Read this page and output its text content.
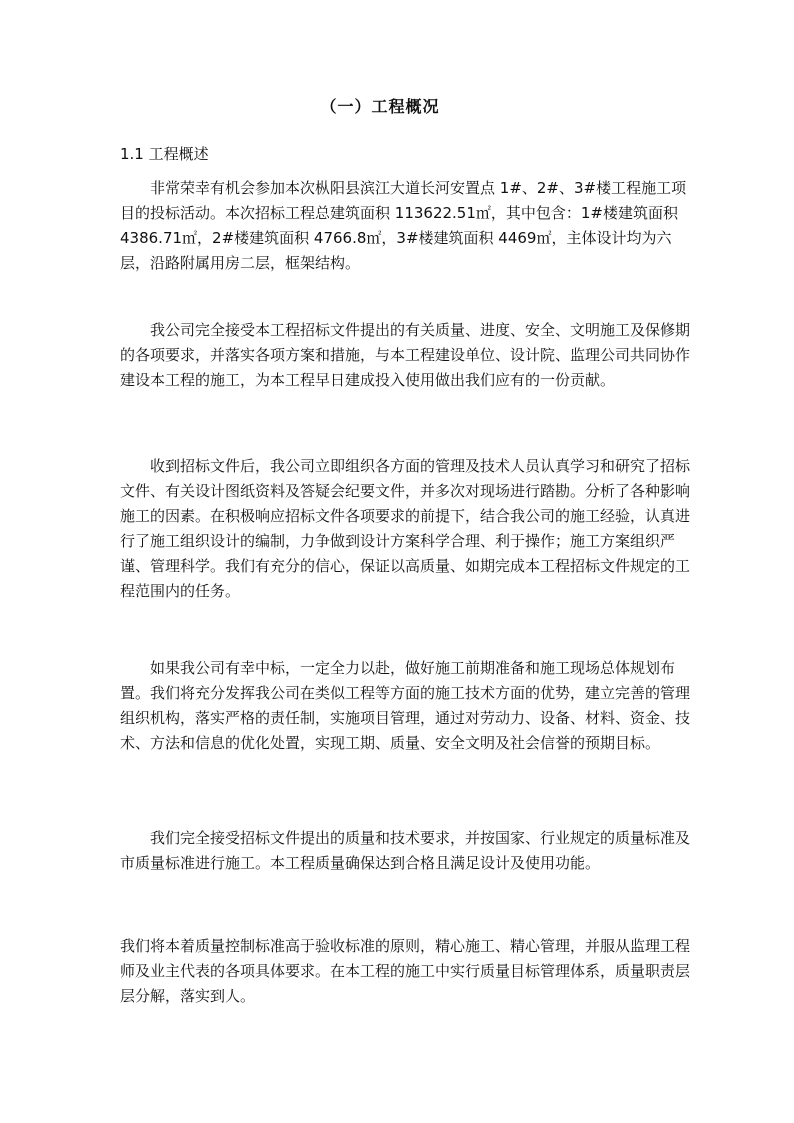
（一）工程概况
1.1 工程概述

非常荣幸有机会参加本次枞阳县滨江大道长河安置点 1#、2#、3#楼工程施工项目的投标活动。本次招标工程总建筑面积 113622.51㎡，其中包含：1#楼建筑面积 4386.71㎡，2#楼建筑面积 4766.8㎡，3#楼建筑面积 4469㎡，主体设计均为六层，沿路附属用房二层，框架结构。

我公司完全接受本工程招标文件提出的有关质量、进度、安全、文明施工及保修期的各项要求，并落实各项方案和措施，与本工程建设单位、设计院、监理公司共同协作建设本工程的施工，为本工程早日建成投入使用做出我们应有的一份贡献。

收到招标文件后，我公司立即组织各方面的管理及技术人员认真学习和研究了招标文件、有关设计图纸资料及答疑会纪要文件，并多次对现场进行踏勘。分析了各种影响施工的因素。在积极响应招标文件各项要求的前提下，结合我公司的施工经验，认真进行了施工组织设计的编制，力争做到设计方案科学合理、利于操作；施工方案组织严谨、管理科学。我们有充分的信心，保证以高质量、如期完成本工程招标文件规定的工程范围内的任务。

如果我公司有幸中标，一定全力以赴，做好施工前期准备和施工现场总体规划布置。我们将充分发挥我公司在类似工程等方面的施工技术方面的优势，建立完善的管理组织机构，落实严格的责任制，实施项目管理，通过对劳动力、设备、材料、资金、技术、方法和信息的优化处置，实现工期、质量、安全文明及社会信誉的预期目标。

我们完全接受招标文件提出的质量和技术要求，并按国家、行业规定的质量标准及市质量标准进行施工。本工程质量确保达到合格且满足设计及使用功能。

我们将本着质量控制标准高于验收标准的原则，精心施工、精心管理，并服从监理工程师及业主代表的各项具体要求。在本工程的施工中实行质量目标管理体系，质量职责层层分解，落实到人。
